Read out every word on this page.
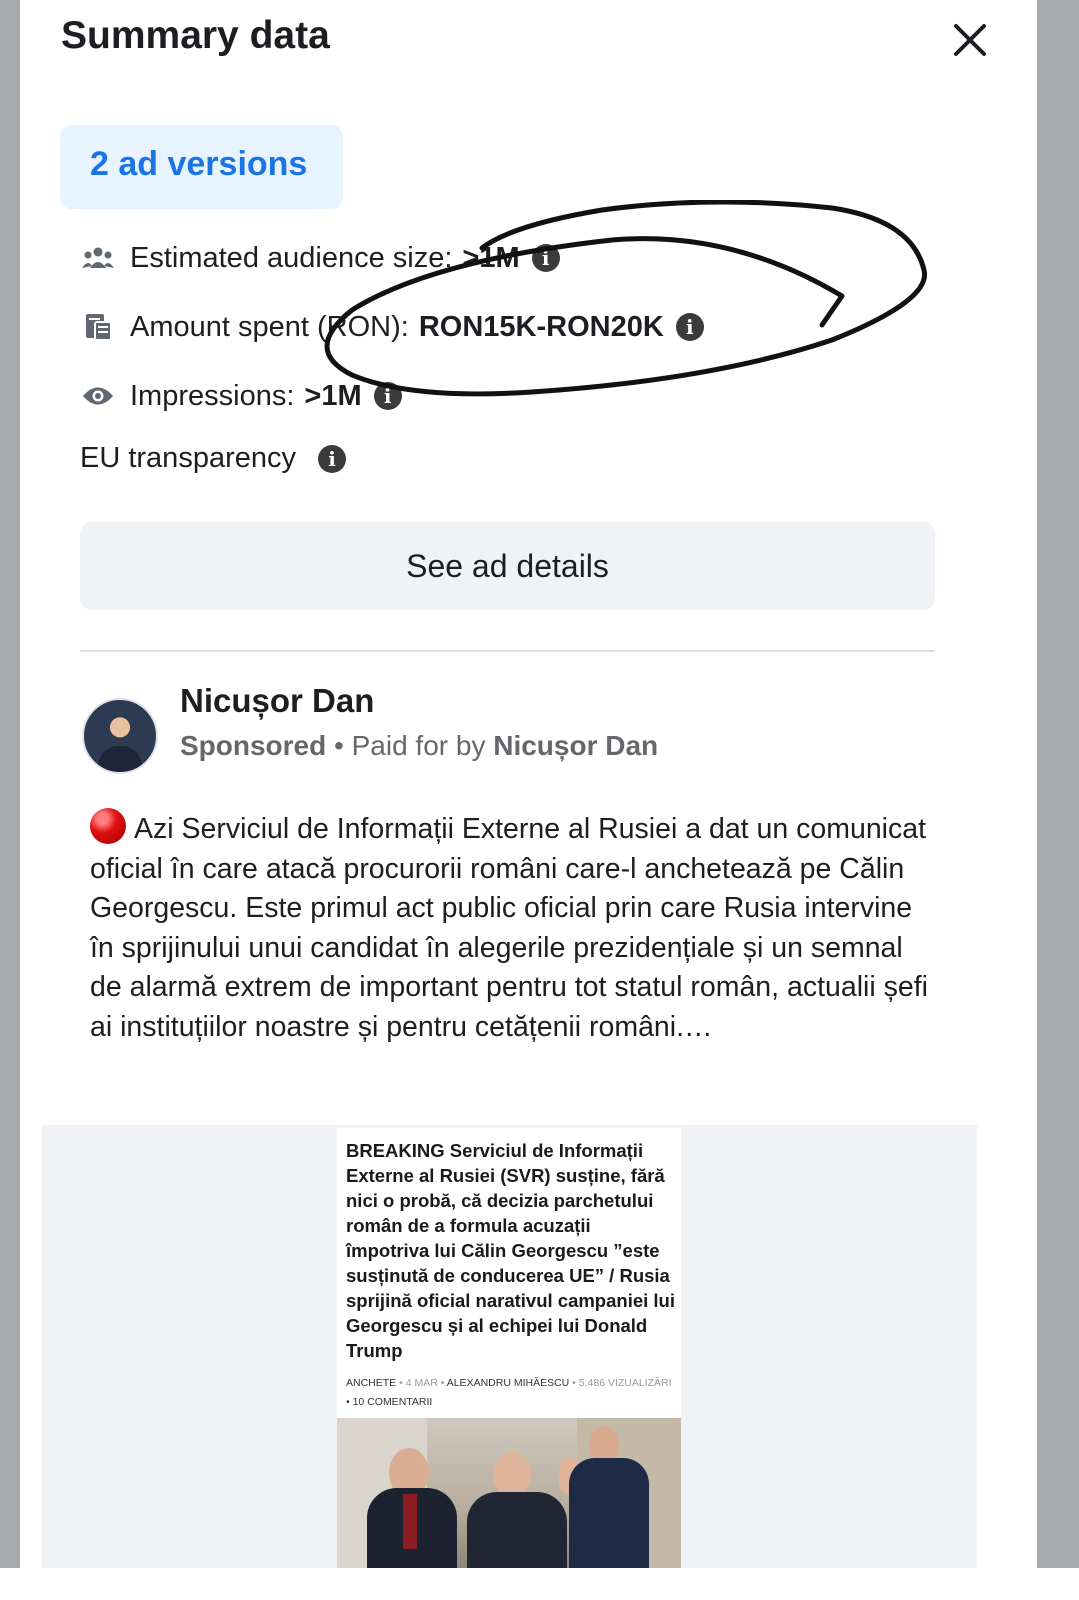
Summary data
2 ad versions
Estimated audience size: >1M	i
Amount spent (RON): RON15K-RON20K	i
Impressions: >1M	i
EU transparency	i
See ad details
Nicușor Dan
Sponsored • Paid for by Nicușor Dan
Azi Serviciul de Informații Externe al Rusiei a dat un comunicat oficial în care atacă procurorii români care-l anchetează pe Călin Georgescu. Este primul act public oficial prin care Rusia intervine în sprijinului unui candidat în alegerile prezidențiale și un semnal de alarmă extrem de important pentru tot statul român, actualii șefi ai instituțiilor noastre și pentru cetățenii români.…
BREAKING Serviciul de Informații Externe al Rusiei (SVR) susține, fără nici o probă, că decizia parchetului român de a formula acuzații împotriva lui Călin Georgescu ”este susținută de conducerea UE” / Rusia sprijină oficial narativul campaniei lui Georgescu și al echipei lui Donald Trump
ANCHETE • 4 MAR • ALEXANDRU MIHĂESCU • 5.486 VIZUALIZĂRI
• 10 COMENTARII
